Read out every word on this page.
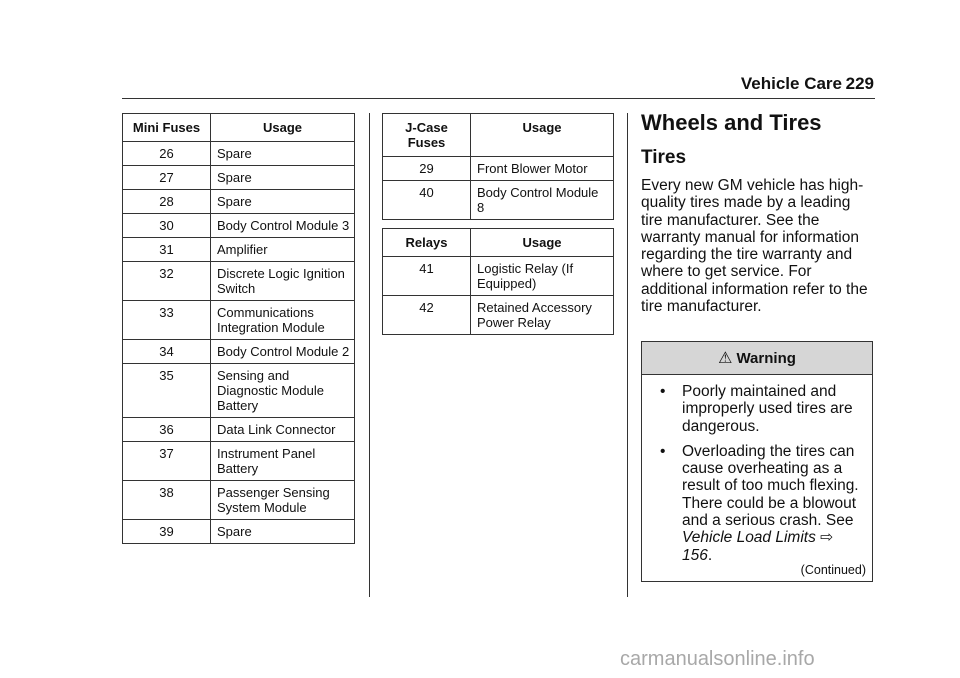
Vehicle Care 229
Mini Fuses	Usage
26	Spare
27	Spare
28	Spare
30	Body Control Module 3
31	Amplifier
32	Discrete Logic Ignition Switch
33	Communications Integration Module
34	Body Control Module 2
35	Sensing and Diagnostic Module Battery
36	Data Link Connector
37	Instrument Panel Battery
38	Passenger Sensing System Module
39	Spare
J-Case Fuses	Usage
29	Front Blower Motor
40	Body Control Module 8
Relays	Usage
41	Logistic Relay (If Equipped)
42	Retained Accessory Power Relay
Wheels and Tires
Tires
Every new GM vehicle has high-quality tires made by a leading tire manufacturer. See the warranty manual for information regarding the tire warranty and where to get service. For additional information refer to the tire manufacturer.
⚠ Warning
• Poorly maintained and improperly used tires are dangerous.
• Overloading the tires can cause overheating as a result of too much flexing. There could be a blowout and a serious crash. See Vehicle Load Limits ⇨ 156.
(Continued)
carmanualsonline.info
